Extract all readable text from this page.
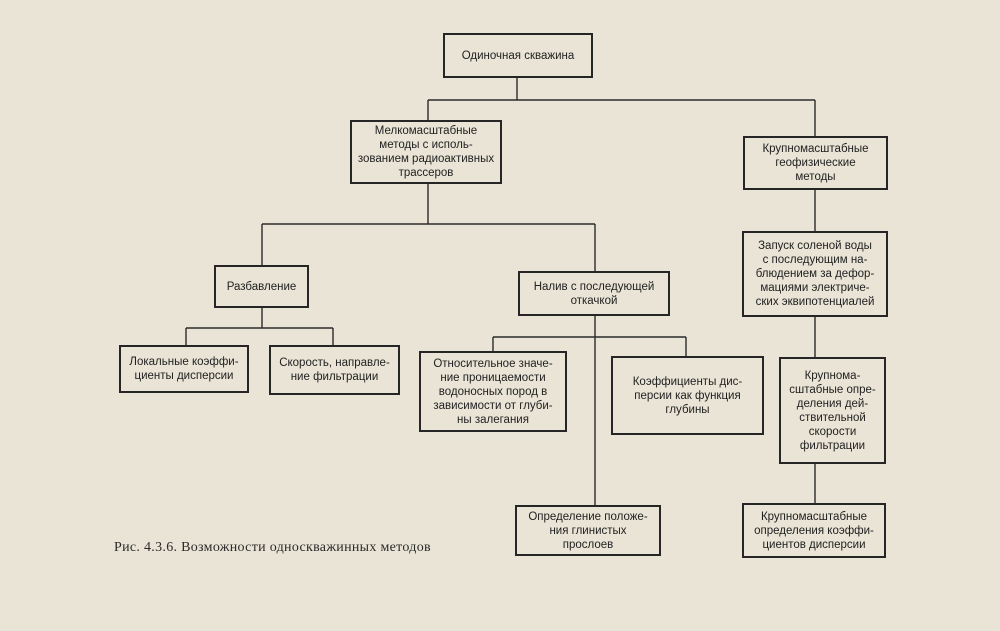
Одиночная скважина
Мелкомасштабные
методы с исполь-
зованием радиоактивных
трассеров
Крупномасштабные
геофизические
методы
Разбавление	Налив с последующей
откачкой
Запуск соленой воды
с последующим на-
блюдением за дефор-
мациями электриче-
ских эквипотенциалей
Локальные коэффи-
циенты дисперсии
Скорость, направле-
ние фильтрации
Относительное значе-
ние проницаемости
водоносных пород в
зависимости от глуби-
ны залегания
Коэффициенты дис-
персии как функция
глубины
Крупнома-
сштабные опре-
деления дей-
ствительной
скорости
фильтрации
Определение положе-
ния глинистых
прослоев
Крупномасштабные
определения коэффи-
циентов дисперсии
Рис. 4.3.6. Возможности односкважинных методов
